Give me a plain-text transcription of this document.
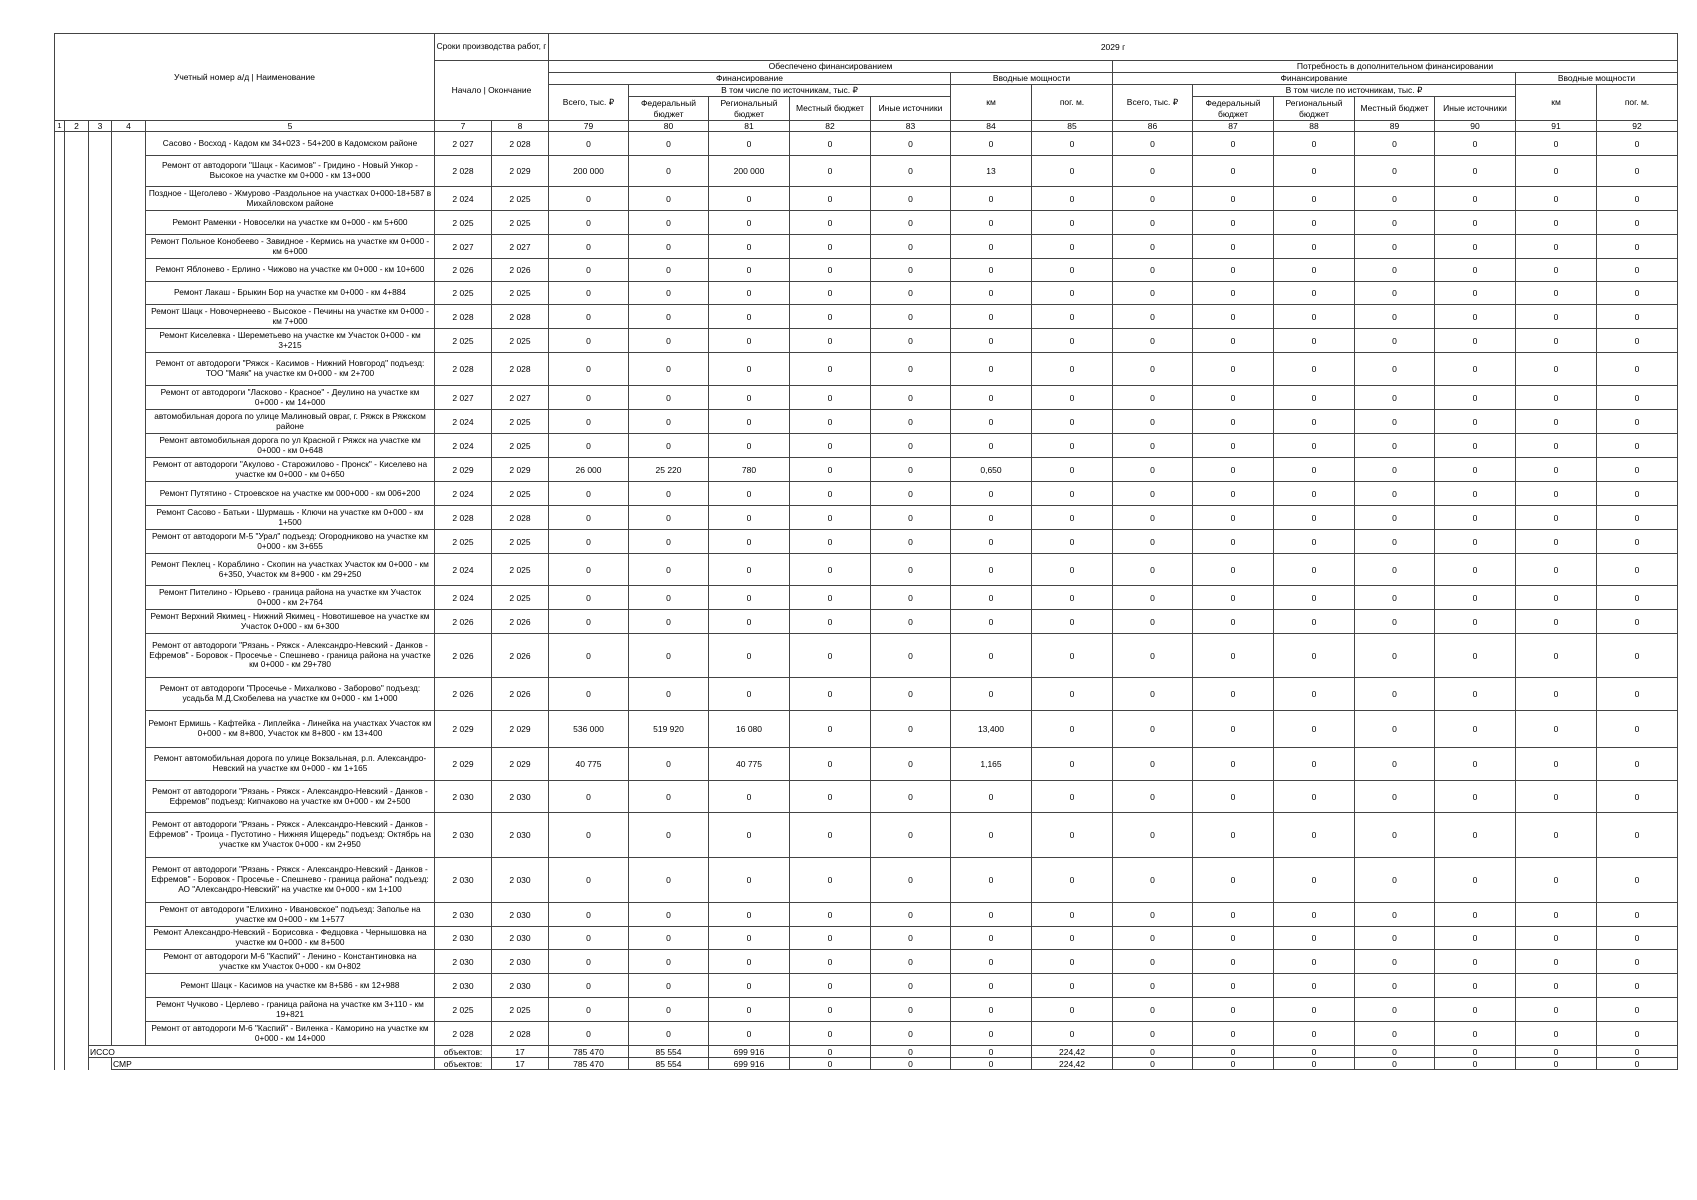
Учетный номер а/д | Наименование					Сроки производства работ, г		2029 г													
					Начало | Окончание		Обеспечено финансированием							Потребность в дополнительном финансировании						
							Финансирование					Вводные мощности		Финансирование					Вводные мощности	
							Всего, тыс. ₽	В том числе по источникам, тыс. ₽				км	пог. м.	Всего, тыс. ₽	В том числе по источникам, тыс. ₽				км	пог. м.
								Федеральный бюджет	Региональный бюджет	Местный бюджет	Иные источники				Федеральный бюджет	Региональный бюджет	Местный бюджет	Иные источники		
1	2	3	4	5	7	8	79	80	81	82	83	84	85	86	87	88	89	90	91	92
				Сасово - Восход - Кадом км 34+023 - 54+200 в Кадомском районе	2 027	2 028	0	0	0	0	0	0	0	0	0	0	0	0	0	0
				Ремонт от автодороги "Шацк - Касимов" - Гридино - Новый Ункор - Высокое на участке км 0+000 - км 13+000	2 028	2 029	200 000	0	200 000	0	0	13	0	0	0	0	0	0	0	0
				Поздное - Щеголево - Жмурово -Раздольное на участках 0+000-18+587 в Михайловском районе	2 024	2 025	0	0	0	0	0	0	0	0	0	0	0	0	0	0
				Ремонт Раменки - Новоселки на участке км 0+000 - км 5+600	2 025	2 025	0	0	0	0	0	0	0	0	0	0	0	0	0	0
				Ремонт Польное Конобеево - Завидное - Кермись на участке км 0+000 - км 6+000	2 027	2 027	0	0	0	0	0	0	0	0	0	0	0	0	0	0
				Ремонт Яблонево - Ерлино - Чижово на участке км 0+000 - км 10+600	2 026	2 026	0	0	0	0	0	0	0	0	0	0	0	0	0	0
				Ремонт Лакаш - Брыкин Бор на участке км 0+000 - км 4+884	2 025	2 025	0	0	0	0	0	0	0	0	0	0	0	0	0	0
				Ремонт Шацк - Новочернеево - Высокое - Печины на участке км 0+000 - км 7+000	2 028	2 028	0	0	0	0	0	0	0	0	0	0	0	0	0	0
				Ремонт Киселевка - Шереметьево на участке км Участок 0+000 - км 3+215	2 025	2 025	0	0	0	0	0	0	0	0	0	0	0	0	0	0
				Ремонт от автодороги "Ряжск - Касимов - Нижний Новгород" подъезд: ТОО "Маяк" на участке км 0+000 - км 2+700	2 028	2 028	0	0	0	0	0	0	0	0	0	0	0	0	0	0
				Ремонт от автодороги "Ласково - Красное" - Деулино на участке км 0+000 - км 14+000	2 027	2 027	0	0	0	0	0	0	0	0	0	0	0	0	0	0
				автомобильная дорога по улице Малиновый овраг, г. Ряжск в Ряжском районе	2 024	2 025	0	0	0	0	0	0	0	0	0	0	0	0	0	0
				Ремонт автомобильная дорога по ул Красной г Ряжск на участке км 0+000 - км 0+648	2 024	2 025	0	0	0	0	0	0	0	0	0	0	0	0	0	0
				Ремонт от автодороги "Акулово - Старожилово - Пронск" - Киселево на участке км 0+000 - км 0+650	2 029	2 029	26 000	25 220	780	0	0	0,650	0	0	0	0	0	0	0	0
				Ремонт Путятино - Строевское на участке км 000+000 - км 006+200	2 024	2 025	0	0	0	0	0	0	0	0	0	0	0	0	0	0
				Ремонт Сасово - Батьки - Шурмашь - Ключи на участке км 0+000 - км 1+500	2 028	2 028	0	0	0	0	0	0	0	0	0	0	0	0	0	0
				Ремонт от автодороги М-5 "Урал" подъезд: Огородниково на участке км 0+000 - км 3+655	2 025	2 025	0	0	0	0	0	0	0	0	0	0	0	0	0	0
				Ремонт Пеклец - Кораблино - Скопин на участках Участок км 0+000 - км 6+350, Участок км 8+900 - км 29+250	2 024	2 025	0	0	0	0	0	0	0	0	0	0	0	0	0	0
				Ремонт Пителино - Юрьево - граница района на участке км Участок 0+000 - км 2+764	2 024	2 025	0	0	0	0	0	0	0	0	0	0	0	0	0	0
				Ремонт Верхний Якимец - Нижний Якимец - Новотишевое на участке км Участок 0+000 - км 6+300	2 026	2 026	0	0	0	0	0	0	0	0	0	0	0	0	0	0
				Ремонт от автодороги "Рязань - Ряжск - Александро-Невский - Данков - Ефремов" - Боровок - Просечье - Спешнево - граница района на участке км 0+000 - км 29+780	2 026	2 026	0	0	0	0	0	0	0	0	0	0	0	0	0	0
				Ремонт от автодороги "Просечье - Михалково - Заборово" подъезд: усадьба М.Д.Скобелева на участке км 0+000 - км 1+000	2 026	2 026	0	0	0	0	0	0	0	0	0	0	0	0	0	0
				Ремонт Ермишь - Кафтейка - Липлейка - Линейка на участках Участок км 0+000 - км 8+800, Участок км 8+800 - км 13+400	2 029	2 029	536 000	519 920	16 080	0	0	13,400	0	0	0	0	0	0	0	0
				Ремонт автомобильная дорога по улице Вокзальная, р.п. Александро-Невский на участке км 0+000 - км 1+165	2 029	2 029	40 775	0	40 775	0	0	1,165	0	0	0	0	0	0	0	0
				Ремонт от автодороги "Рязань - Ряжск - Александро-Невский - Данков - Ефремов" подъезд: Кипчаково на участке км 0+000 - км 2+500	2 030	2 030	0	0	0	0	0	0	0	0	0	0	0	0	0	0
				Ремонт от автодороги "Рязань - Ряжск - Александро-Невский - Данков - Ефремов" - Троица - Пустотино - Нижняя Ищередь" подъезд: Октябрь на участке км Участок 0+000 - км 2+950	2 030	2 030	0	0	0	0	0	0	0	0	0	0	0	0	0	0
				Ремонт от автодороги "Рязань - Ряжск - Александро-Невский - Данков - Ефремов" - Боровок - Просечье - Спешнево - граница района" подъезд: АО "Александро-Невский" на участке км 0+000 - км 1+100	2 030	2 030	0	0	0	0	0	0	0	0	0	0	0	0	0	0
				Ремонт от автодороги "Елихино - Ивановское" подъезд: Заполье на участке км 0+000 - км 1+577	2 030	2 030	0	0	0	0	0	0	0	0	0	0	0	0	0	0
				Ремонт Александро-Невский - Борисовка - Федцовка - Чернышовка на участке км 0+000 - км 8+500	2 030	2 030	0	0	0	0	0	0	0	0	0	0	0	0	0	0
				Ремонт от автодороги М-6 "Каспий" - Ленино - Константиновка на участке км Участок 0+000 - км 0+802	2 030	2 030	0	0	0	0	0	0	0	0	0	0	0	0	0	0
				Ремонт Шацк - Касимов на участке км 8+586 - км 12+988	2 030	2 030	0	0	0	0	0	0	0	0	0	0	0	0	0	0
				Ремонт Чучково - Церлево - граница района на участке км 3+110 - км 19+821	2 025	2 025	0	0	0	0	0	0	0	0	0	0	0	0	0	0
				Ремонт от автодороги М-6 "Каспий" - Виленка - Каморино на участке км 0+000 - км 14+000	2 028	2 028	0	0	0	0	0	0	0	0	0	0	0	0	0	0
		ИССО			объектов:	17	785 470	85 554	699 916	0	0	0	224,42	0	0	0	0	0	0	0
			СМР		объектов:	17	785 470	85 554	699 916	0	0	0	224,42	0	0	0	0	0	0	0
